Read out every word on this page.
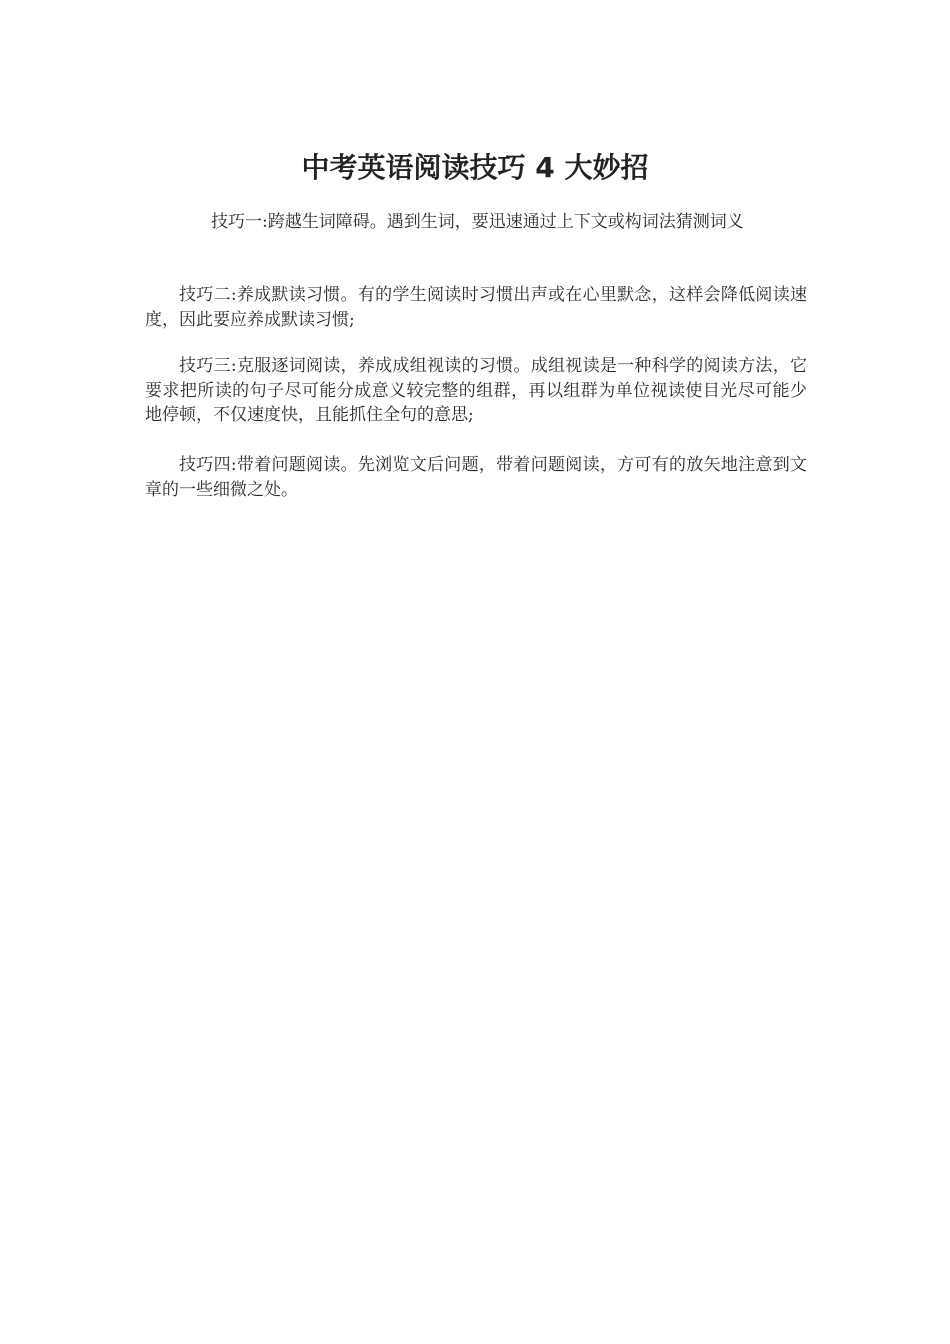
中考英语阅读技巧 4 大妙招

技巧一:跨越生词障碍。遇到生词，要迅速通过上下文或构词法猜测词义

技巧二:养成默读习惯。有的学生阅读时习惯出声或在心里默念，这样会降低阅读速度，因此要应养成默读习惯;

技巧三:克服逐词阅读，养成成组视读的习惯。成组视读是一种科学的阅读方法，它要求把所读的句子尽可能分成意义较完整的组群，再以组群为单位视读使目光尽可能少地停顿，不仅速度快，且能抓住全句的意思;

技巧四:带着问题阅读。先浏览文后问题，带着问题阅读，方可有的放矢地注意到文章的一些细微之处。
